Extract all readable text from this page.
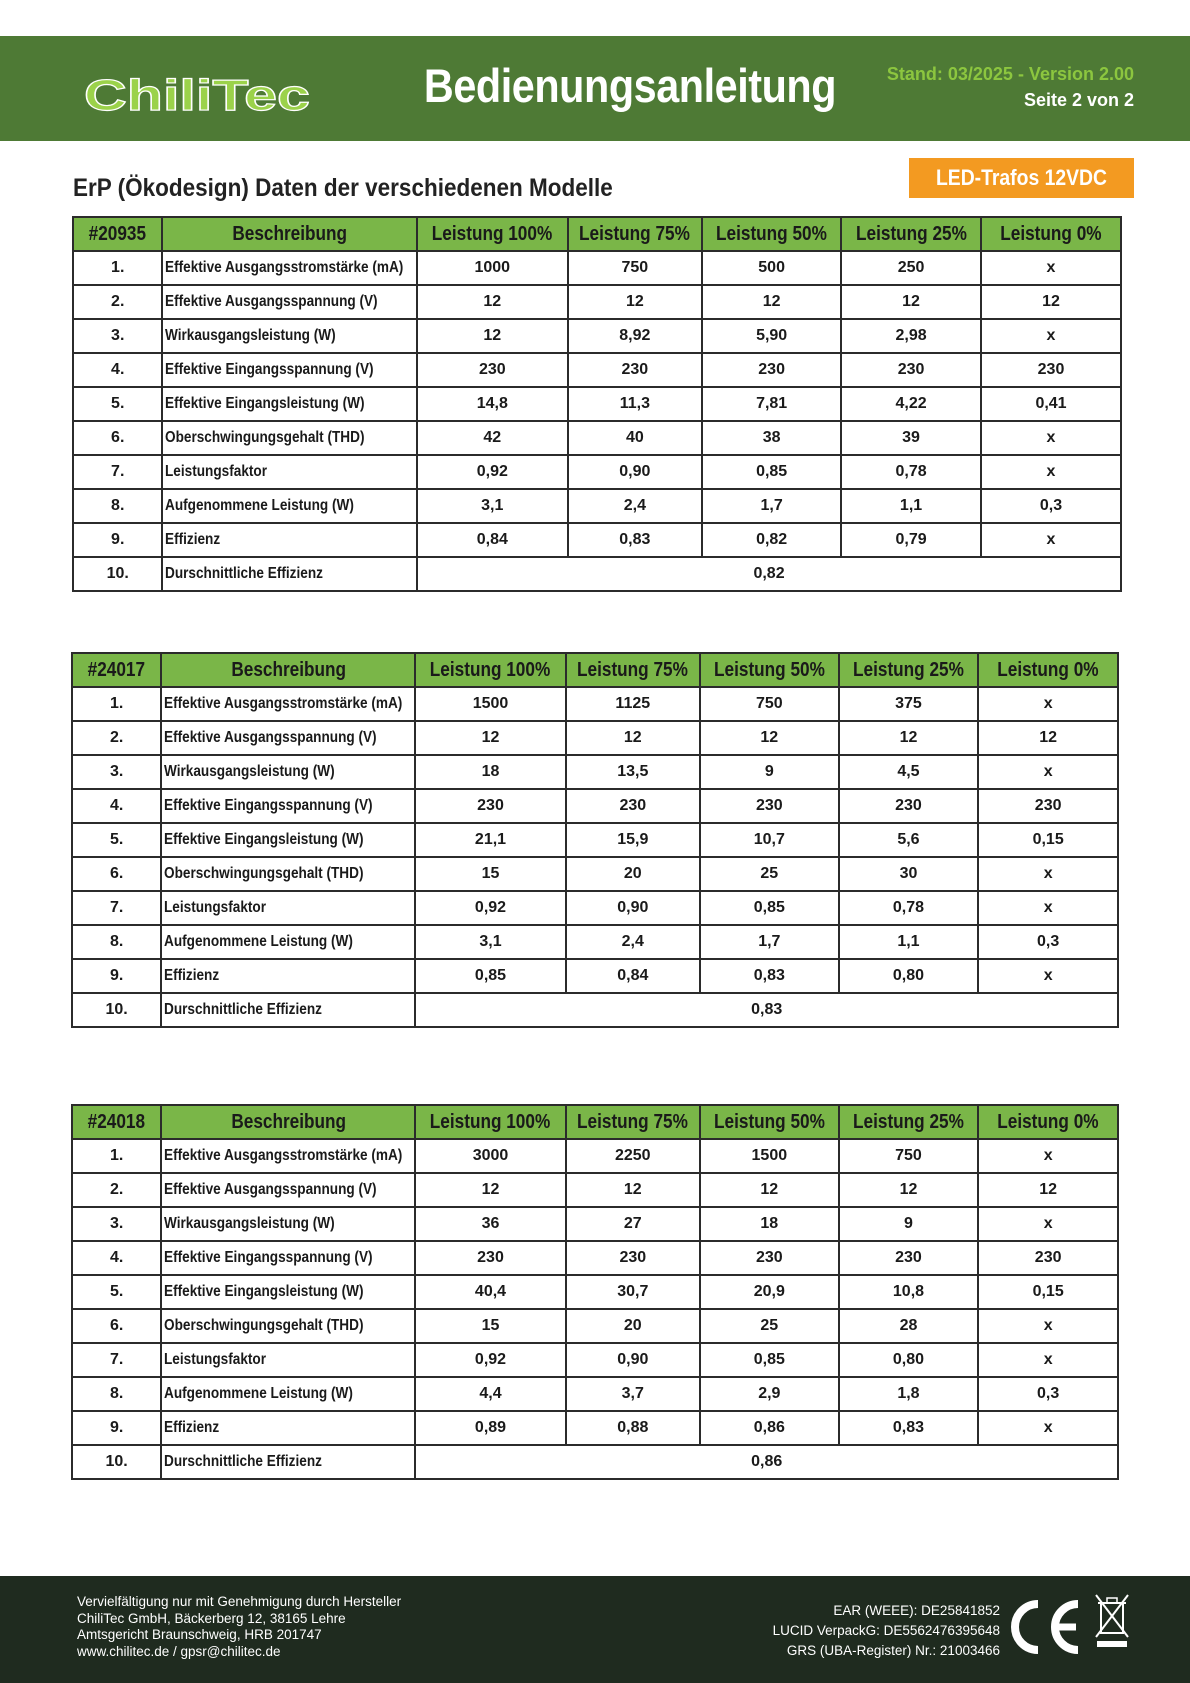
ChiliTec Bedienungsanleitung	Stand: 03/2025 - Version 2.00
Seite 2 von 2
ErP (Ökodesign) Daten der verschiedenen Modelle	LED-Trafos 12VDC
#20935	Beschreibung	Leistung 100%	Leistung 75%	Leistung 50%	Leistung 25%	Leistung 0%
1.	Effektive Ausgangsstromstärke (mA)	1000	750	500	250	x
2.	Effektive Ausgangsspannung (V)	12	12	12	12	12
3.	Wirkausgangsleistung (W)	12	8,92	5,90	2,98	x
4.	Effektive Eingangsspannung (V)	230	230	230	230	230
5.	Effektive Eingangsleistung (W)	14,8	11,3	7,81	4,22	0,41
6.	Oberschwingungsgehalt (THD)	42	40	38	39	x
7.	Leistungsfaktor	0,92	0,90	0,85	0,78	x
8.	Aufgenommene Leistung (W)	3,1	2,4	1,7	1,1	0,3
9.	Effizienz	0,84	0,83	0,82	0,79	x
10.	Durschnittliche Effizienz	0,82				
#24017	Beschreibung	Leistung 100%	Leistung 75%	Leistung 50%	Leistung 25%	Leistung 0%
1.	Effektive Ausgangsstromstärke (mA)	1500	1125	750	375	x
2.	Effektive Ausgangsspannung (V)	12	12	12	12	12
3.	Wirkausgangsleistung (W)	18	13,5	9	4,5	x
4.	Effektive Eingangsspannung (V)	230	230	230	230	230
5.	Effektive Eingangsleistung (W)	21,1	15,9	10,7	5,6	0,15
6.	Oberschwingungsgehalt (THD)	15	20	25	30	x
7.	Leistungsfaktor	0,92	0,90	0,85	0,78	x
8.	Aufgenommene Leistung (W)	3,1	2,4	1,7	1,1	0,3
9.	Effizienz	0,85	0,84	0,83	0,80	x
10.	Durschnittliche Effizienz	0,83				
#24018	Beschreibung	Leistung 100%	Leistung 75%	Leistung 50%	Leistung 25%	Leistung 0%
1.	Effektive Ausgangsstromstärke (mA)	3000	2250	1500	750	x
2.	Effektive Ausgangsspannung (V)	12	12	12	12	12
3.	Wirkausgangsleistung (W)	36	27	18	9	x
4.	Effektive Eingangsspannung (V)	230	230	230	230	230
5.	Effektive Eingangsleistung (W)	40,4	30,7	20,9	10,8	0,15
6.	Oberschwingungsgehalt (THD)	15	20	25	28	x
7.	Leistungsfaktor	0,92	0,90	0,85	0,80	x
8.	Aufgenommene Leistung (W)	4,4	3,7	2,9	1,8	0,3
9.	Effizienz	0,89	0,88	0,86	0,83	x
10.	Durschnittliche Effizienz	0,86				
Vervielfältigung nur mit Genehmigung durch Hersteller
ChiliTec GmbH, Bäckerberg 12, 38165 Lehre
Amtsgericht Braunschweig, HRB 201747
www.chilitec.de / gpsr@chilitec.de
EAR (WEEE): DE25841852
LUCID VerpackG: DE5562476395648
GRS (UBA-Register) Nr.: 21003466
